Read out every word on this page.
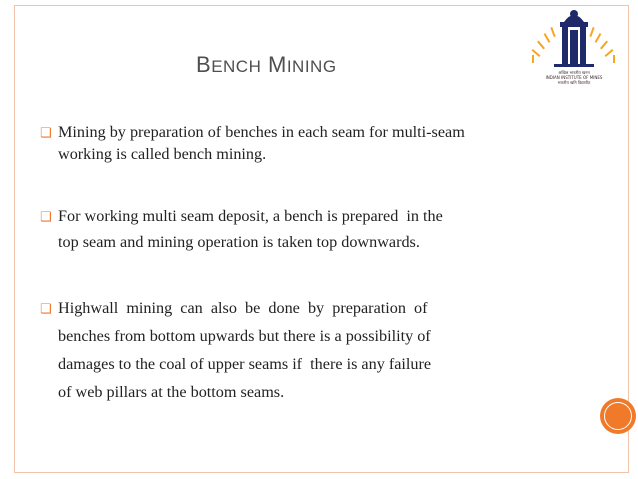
BENCH MINING	अखिल भारतीय खनन
INDIAN INSTITUTE OF MINES
भारतीय खनि विद्यापीठ
❑ Mining by preparation of benches in each seam for multi-seam
working is called bench mining.
❑ For working multi seam deposit, a bench is prepared  in the
top seam and mining operation is taken top downwards.
❑ Highwall  mining  can  also  be  done  by  preparation  of
benches from bottom upwards but there is a possibility of
damages to the coal of upper seams if  there is any failure
of web pillars at the bottom seams.
